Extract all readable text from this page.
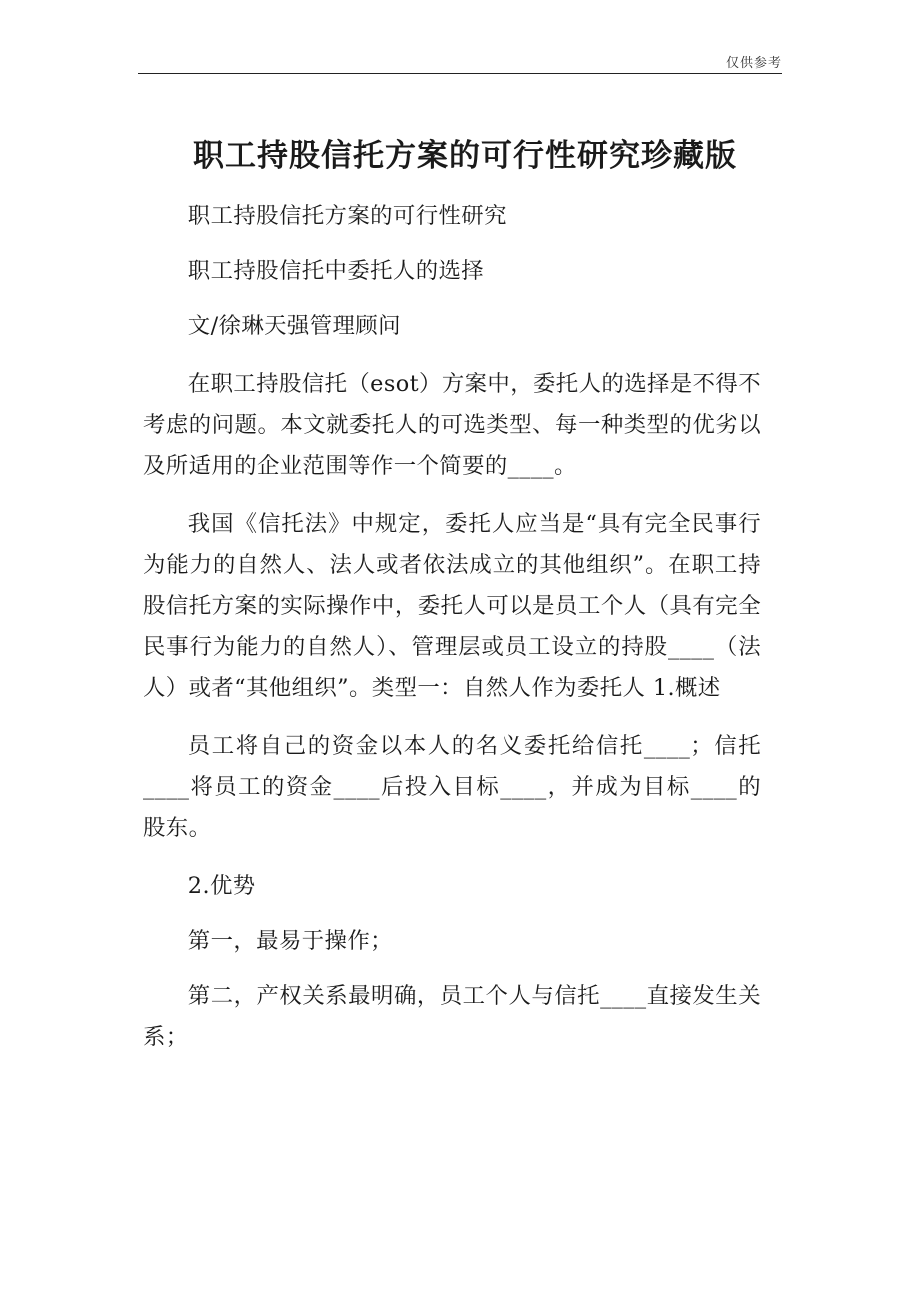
仅供参考
职工持股信托方案的可行性研究珍藏版

职工持股信托方案的可行性研究

职工持股信托中委托人的选择

文/徐琳天强管理顾问

在职工持股信托（esot）方案中，委托人的选择是不得不考虑的问题。本文就委托人的可选类型、每一种类型的优劣以及所适用的企业范围等作一个简要的____。

我国《信托法》中规定，委托人应当是“具有完全民事行为能力的自然人、法人或者依法成立的其他组织”。在职工持股信托方案的实际操作中，委托人可以是员工个人（具有完全民事行为能力的自然人）、管理层或员工设立的持股____（法人）或者“其他组织”。类型一：自然人作为委托人 1.概述

员工将自己的资金以本人的名义委托给信托____；信托____将员工的资金____后投入目标____，并成为目标____的股东。

2.优势

第一，最易于操作；

第二，产权关系最明确，员工个人与信托____直接发生关系；
